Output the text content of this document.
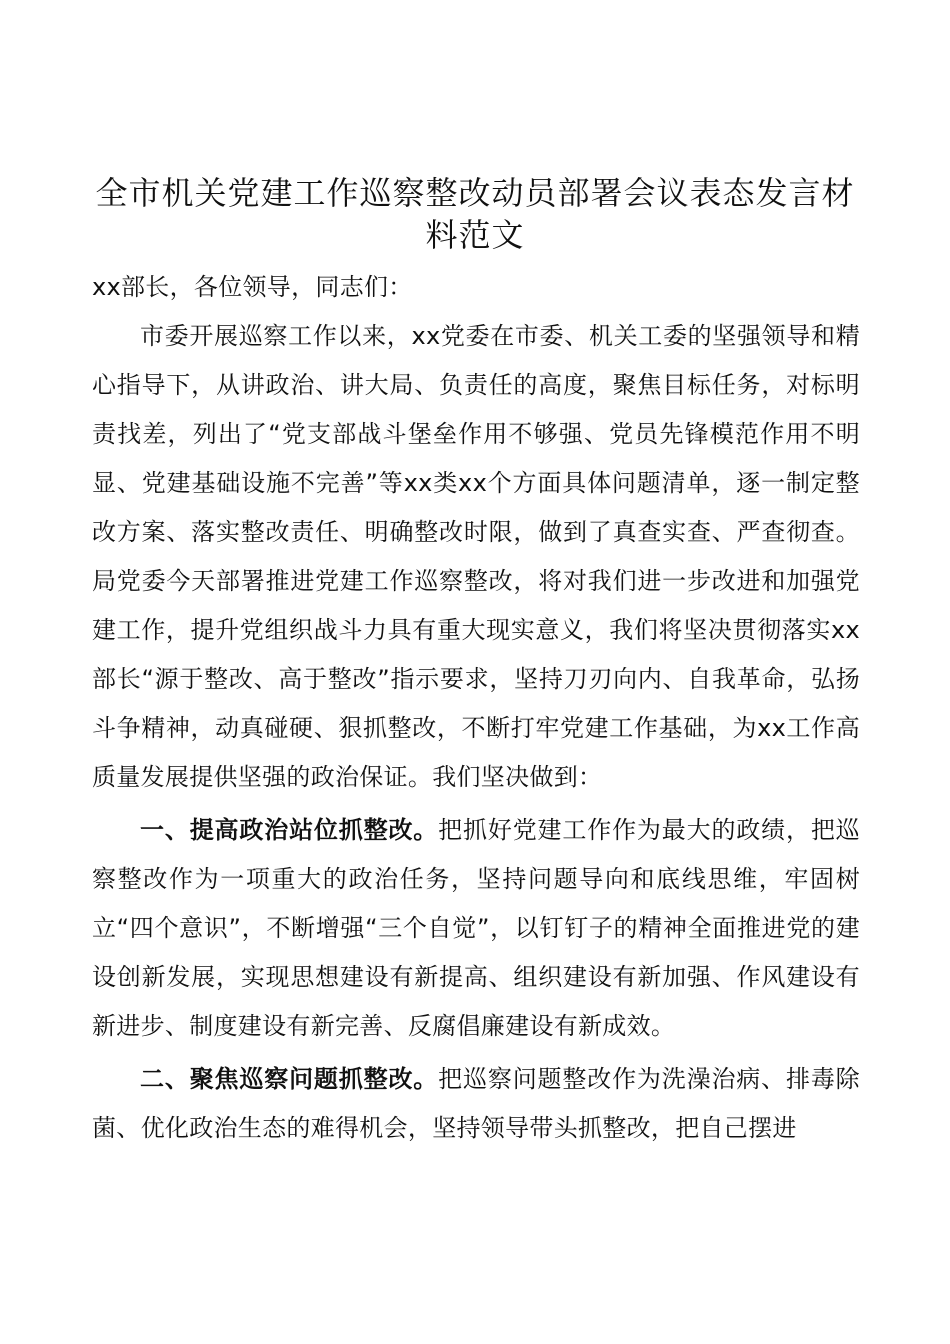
全市机关党建工作巡察整改动员部署会议表态发言材料范文

xx部长，各位领导，同志们：

市委开展巡察工作以来，xx党委在市委、机关工委的坚强领导和精心指导下，从讲政治、讲大局、负责任的高度，聚焦目标任务，对标明责找差，列出了“党支部战斗堡垒作用不够强、党员先锋模范作用不明显、党建基础设施不完善”等xx类xx个方面具体问题清单，逐一制定整改方案、落实整改责任、明确整改时限，做到了真查实查、严查彻查。局党委今天部署推进党建工作巡察整改，将对我们进一步改进和加强党建工作，提升党组织战斗力具有重大现实意义，我们将坚决贯彻落实xx部长“源于整改、高于整改”指示要求，坚持刀刃向内、自我革命，弘扬斗争精神，动真碰硬、狠抓整改，不断打牢党建工作基础，为xx工作高质量发展提供坚强的政治保证。我们坚决做到：

一、提高政治站位抓整改。把抓好党建工作作为最大的政绩，把巡察整改作为一项重大的政治任务，坚持问题导向和底线思维，牢固树立“四个意识”，不断增强“三个自觉”，以钉钉子的精神全面推进党的建设创新发展，实现思想建设有新提高、组织建设有新加强、作风建设有新进步、制度建设有新完善、反腐倡廉建设有新成效。

二、聚焦巡察问题抓整改。把巡察问题整改作为洗澡治病、排毒除菌、优化政治生态的难得机会，坚持领导带头抓整改，把自己摆进
